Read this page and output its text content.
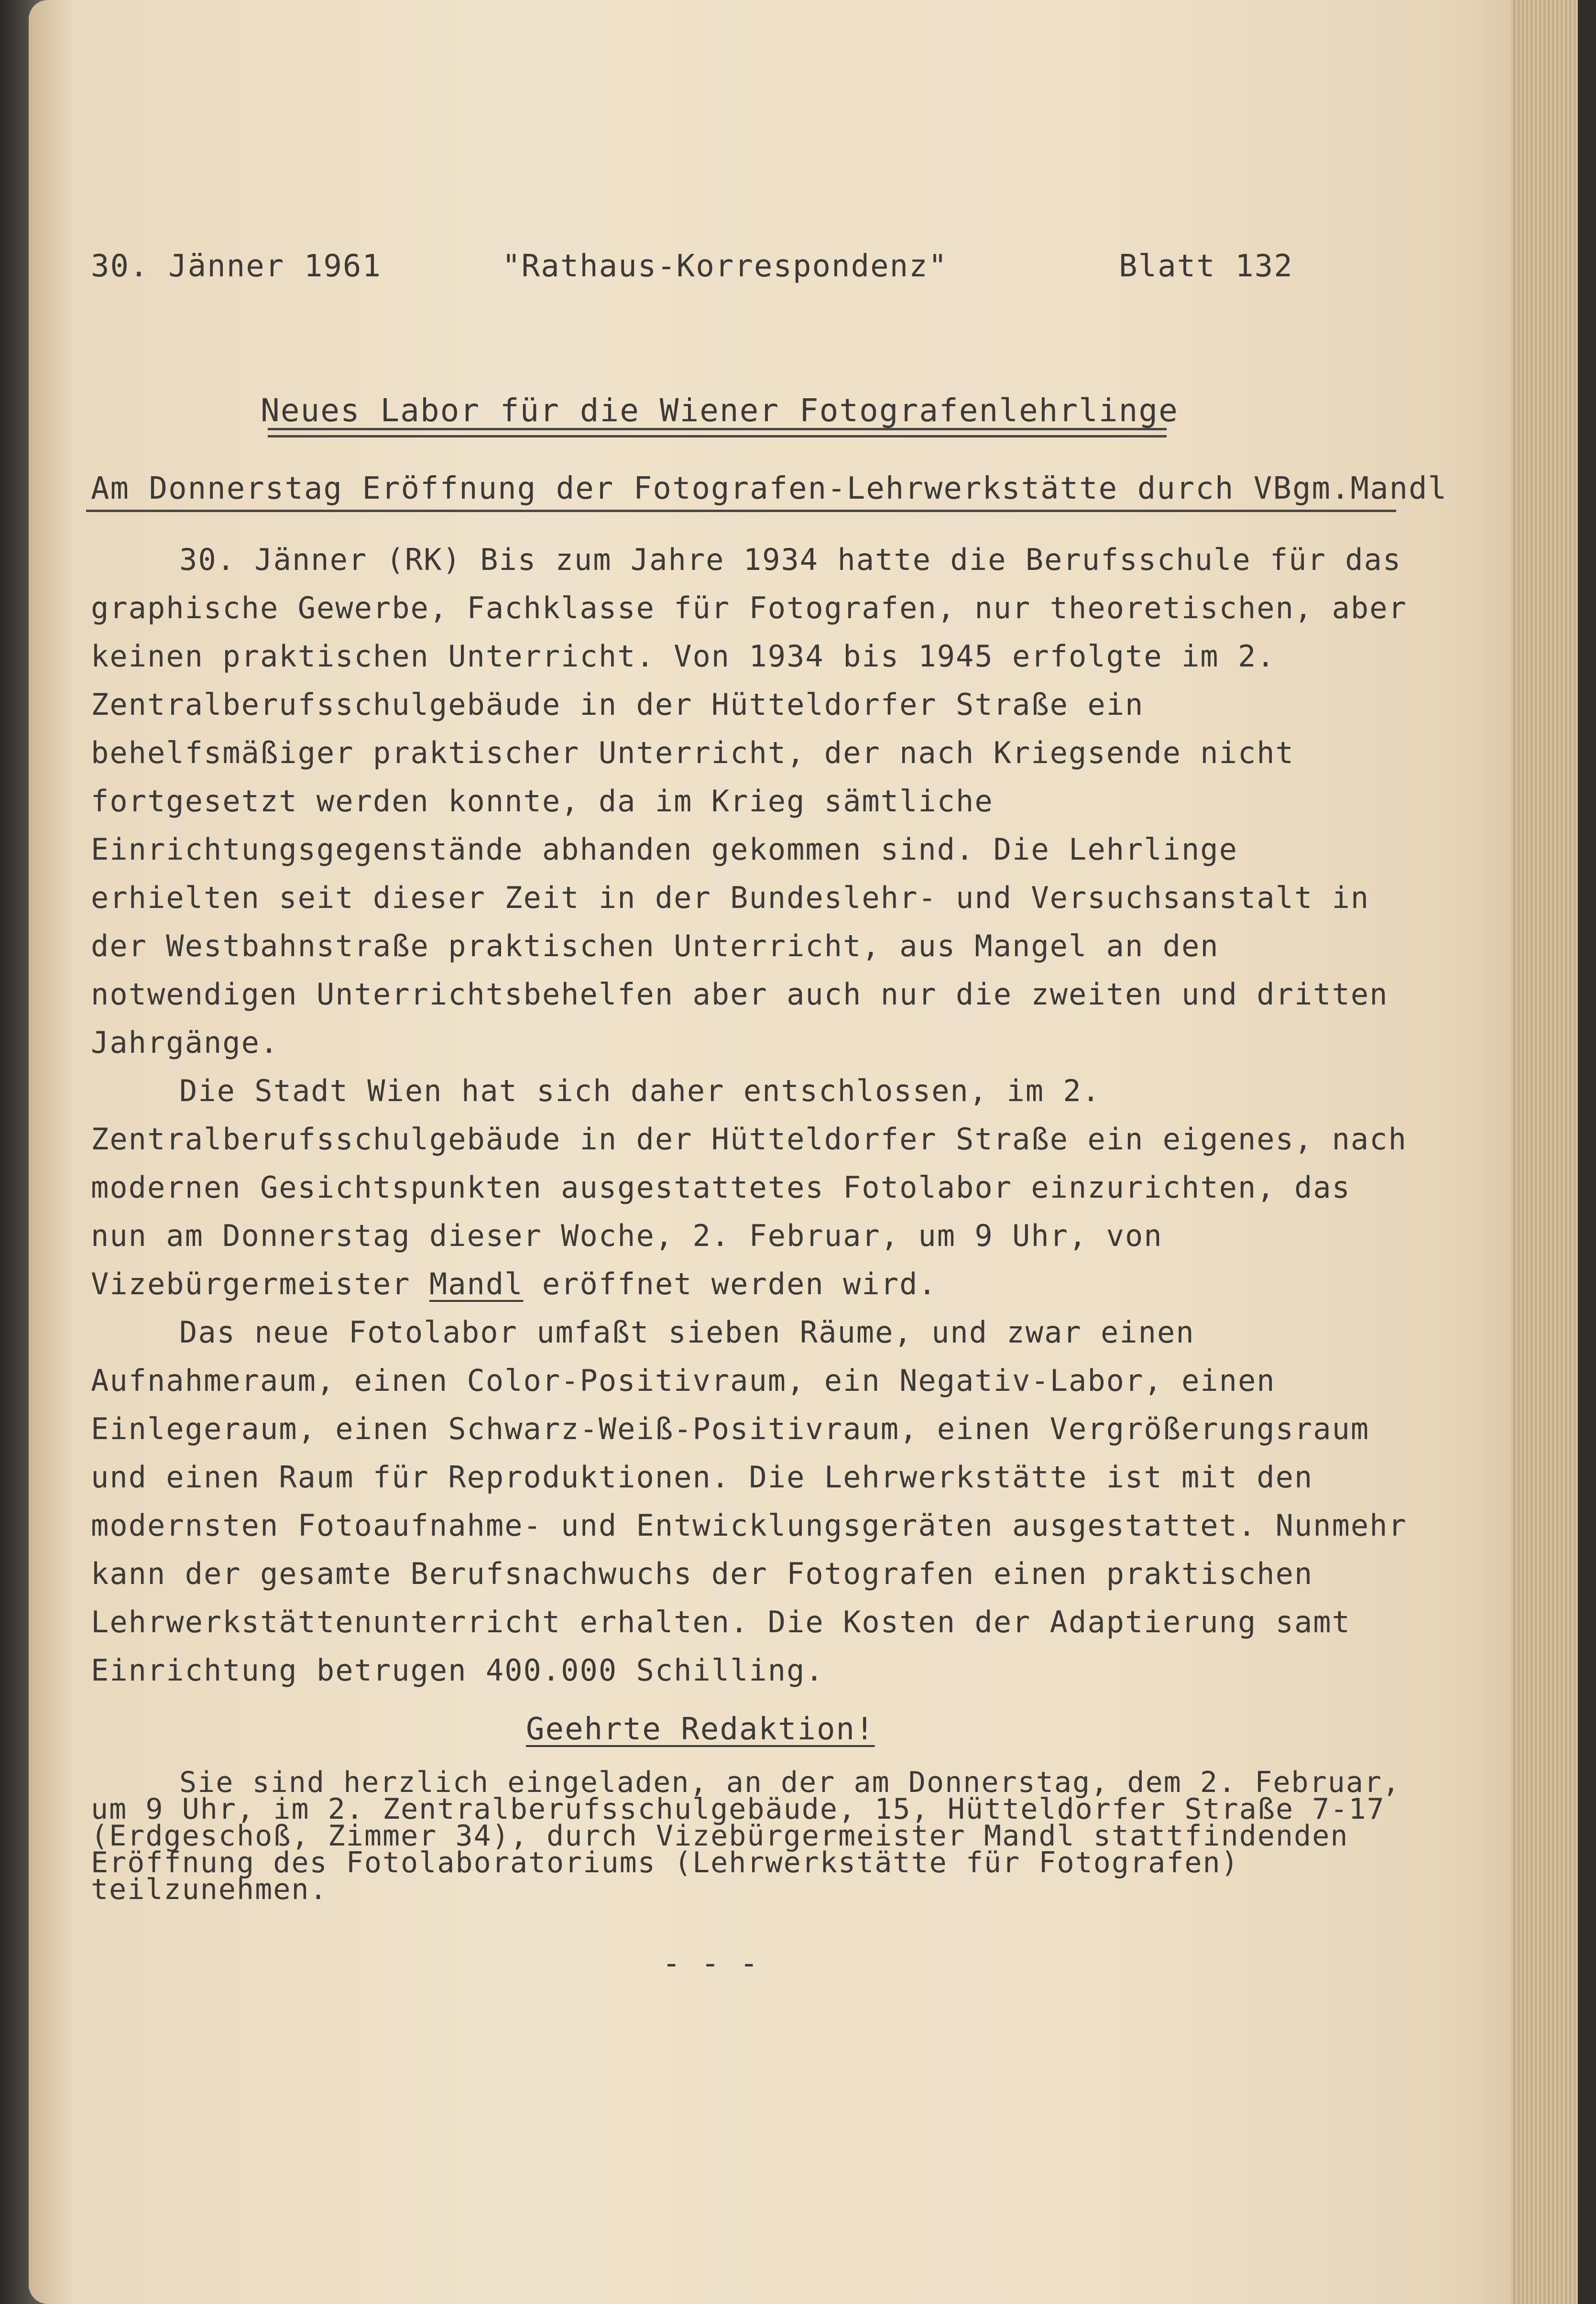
30. Jänner 1961	"Rathaus-Korrespondenz"	Blatt 132
Neues Labor für die Wiener Fotografenlehrlinge
Am Donnerstag Eröffnung der Fotografen-Lehrwerkstätte durch VBgm.Mandl

30. Jänner (RK) Bis zum Jahre 1934 hatte die Berufsschule für das graphische Gewerbe, Fachklasse für Fotografen, nur theoretischen, aber keinen praktischen Unterricht. Von 1934 bis 1945 erfolgte im 2. Zentralberufsschulgebäude in der Hütteldorfer Straße ein behelfsmäßiger praktischer Unterricht, der nach Kriegsende nicht fortgesetzt werden konnte, da im Krieg sämtliche Einrichtungsgegenstände abhanden gekommen sind. Die Lehrlinge erhielten seit dieser Zeit in der Bundeslehr- und Versuchsanstalt in der Westbahnstraße praktischen Unterricht, aus Mangel an den notwendigen Unterrichtsbehelfen aber auch nur die zweiten und dritten Jahrgänge.

Die Stadt Wien hat sich daher entschlossen, im 2. Zentralberufsschulgebäude in der Hütteldorfer Straße ein eigenes, nach modernen Gesichtspunkten ausgestattetes Fotolabor einzurichten, das nun am Donnerstag dieser Woche, 2. Februar, um 9 Uhr, von Vizebürgermeister Mandl eröffnet werden wird.

Das neue Fotolabor umfaßt sieben Räume, und zwar einen Aufnahmeraum, einen Color-Positivraum, ein Negativ-Labor, einen Einlegeraum, einen Schwarz-Weiß-Positivraum, einen Vergrößerungsraum und einen Raum für Reproduktionen. Die Lehrwerkstätte ist mit den modernsten Fotoaufnahme- und Entwicklungsgeräten ausgestattet. Nunmehr kann der gesamte Berufsnachwuchs der Fotografen einen praktischen Lehrwerkstättenunterricht erhalten. Die Kosten der Adaptierung samt Einrichtung betrugen 400.000 Schilling.

Geehrte Redaktion!

Sie sind herzlich eingeladen, an der am Donnerstag, dem 2. Februar, um 9 Uhr, im 2. Zentralberufsschulgebäude, 15, Hütteldorfer Straße 7-17 (Erdgeschoß, Zimmer 34), durch Vizebürgermeister Mandl stattfindenden Eröffnung des Fotolaboratoriums (Lehrwerkstätte für Fotografen) teilzunehmen.

- - -
